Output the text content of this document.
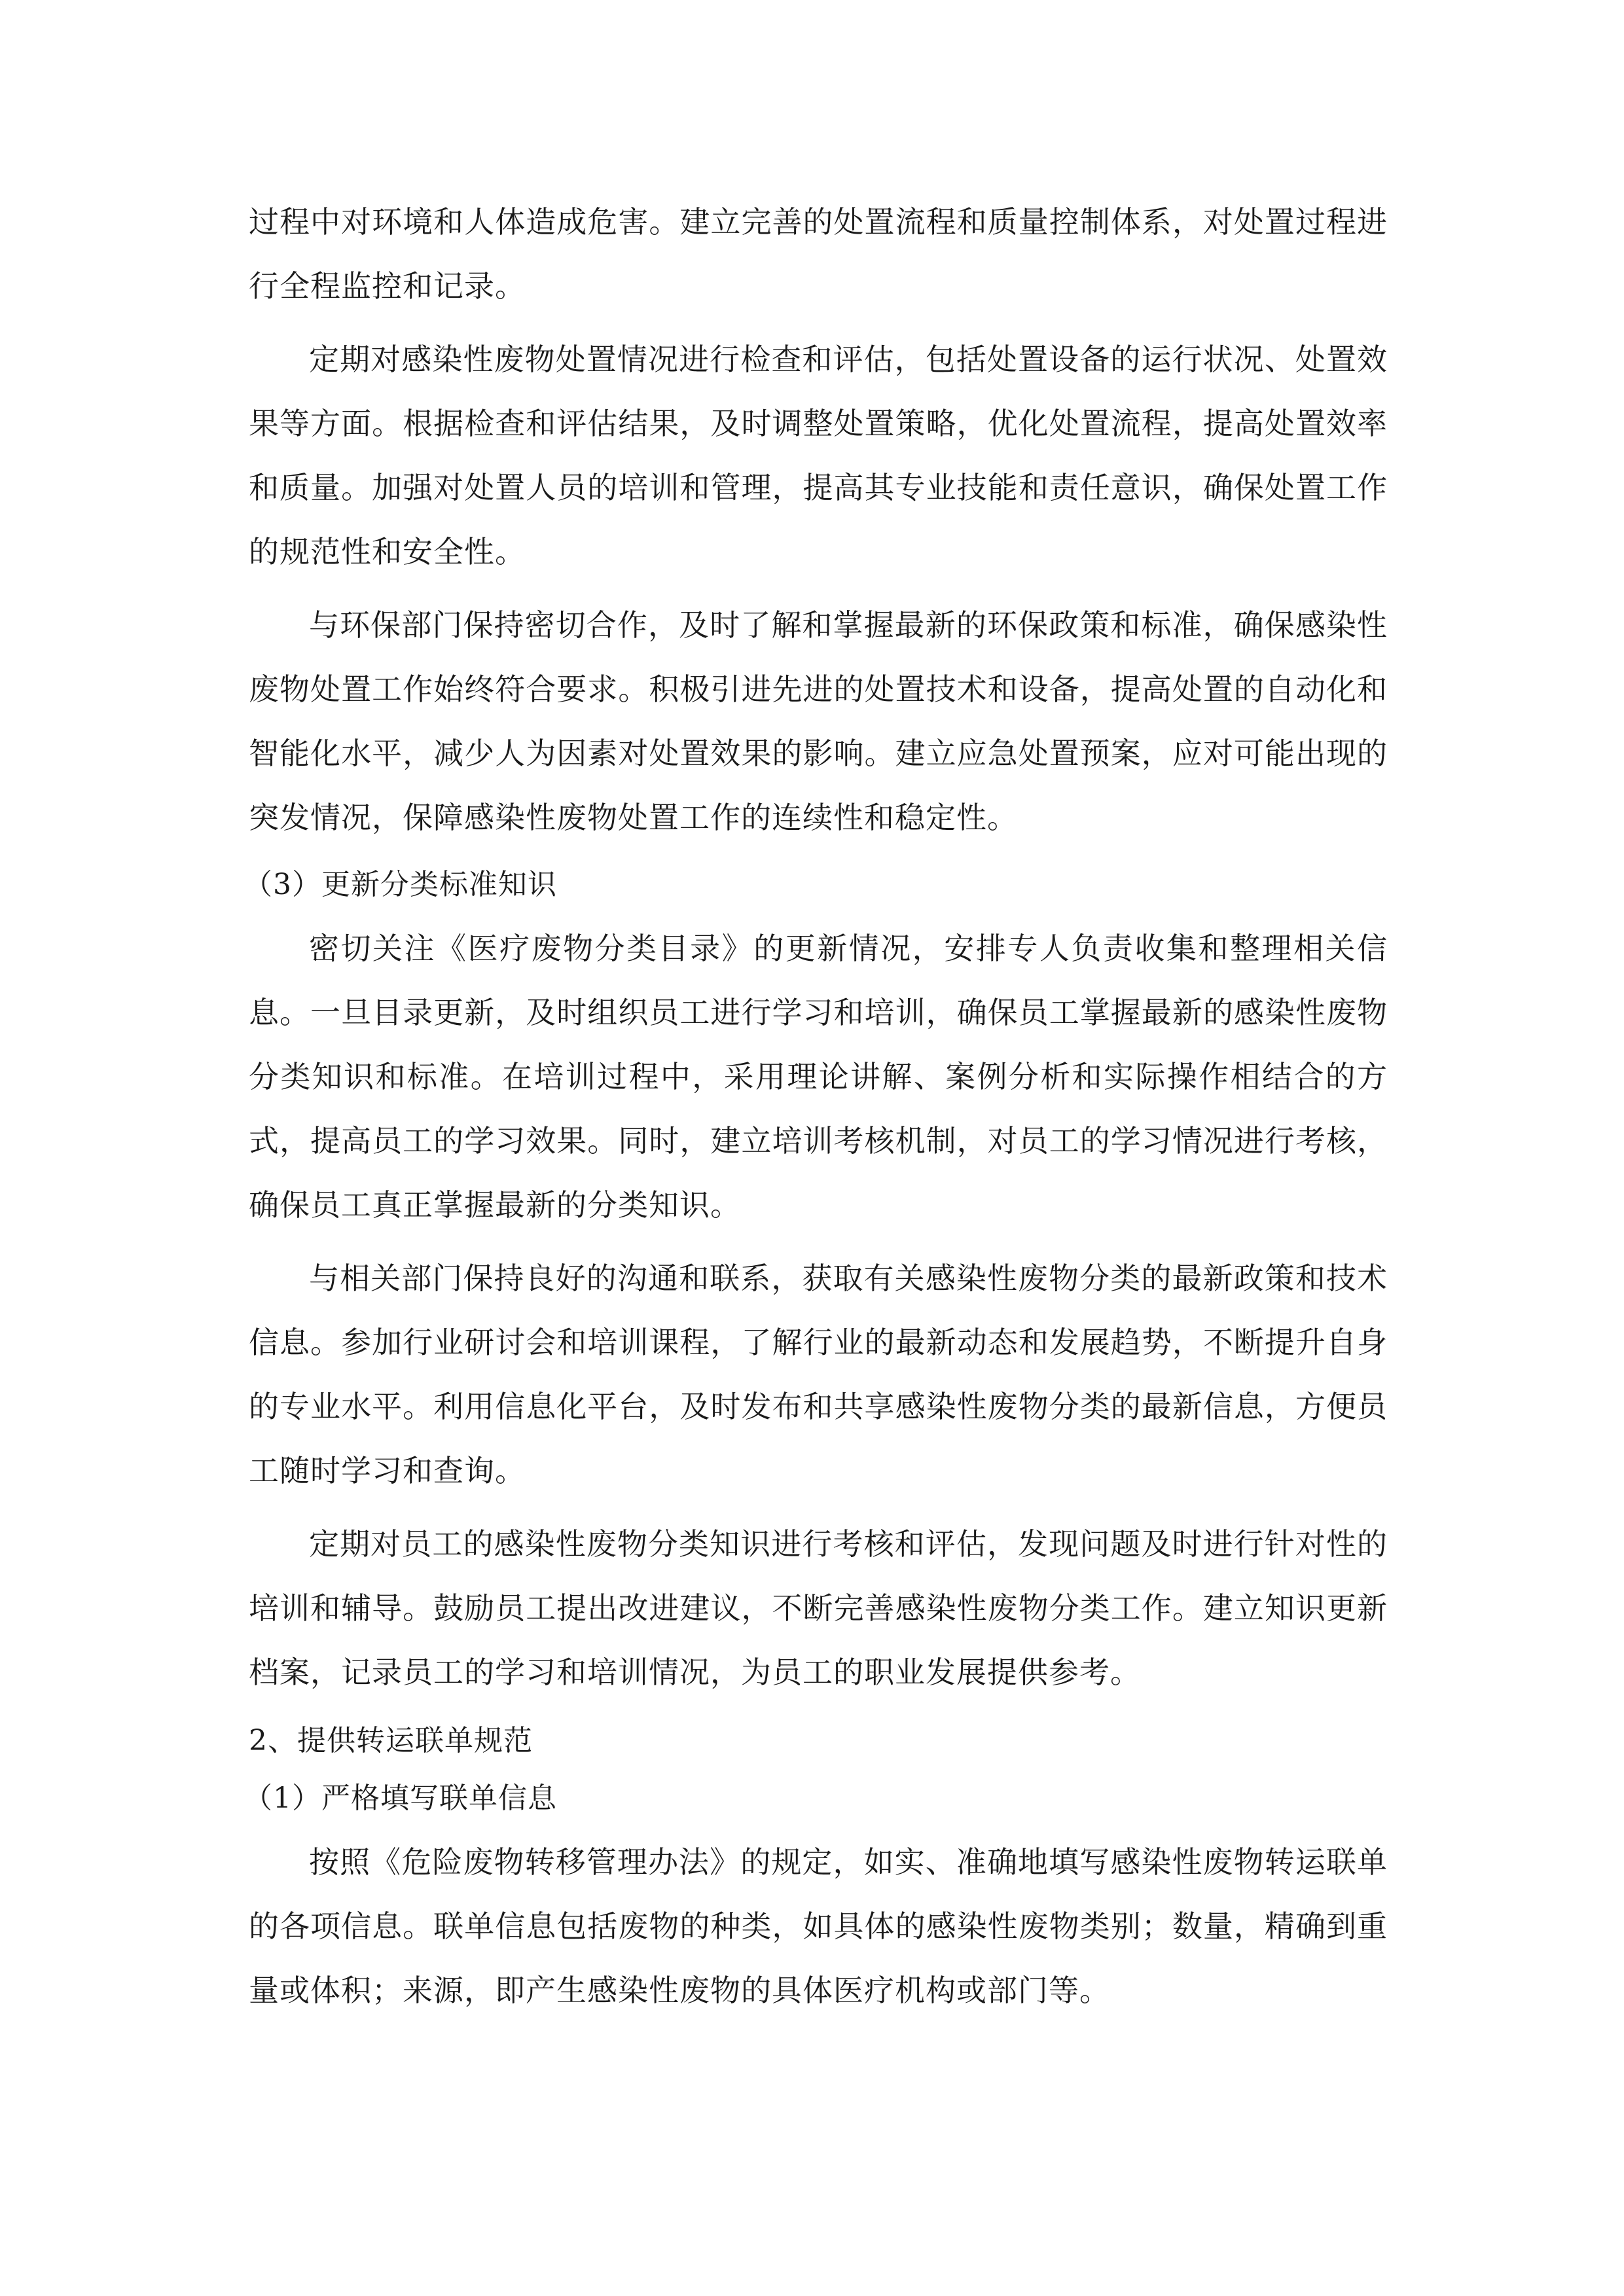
过程中对环境和人体造成危害。建立完善的处置流程和质量控制体系，对处置过程进行全程监控和记录。

定期对感染性废物处置情况进行检查和评估，包括处置设备的运行状况、处置效果等方面。根据检查和评估结果，及时调整处置策略，优化处置流程，提高处置效率和质量。加强对处置人员的培训和管理，提高其专业技能和责任意识，确保处置工作的规范性和安全性。

与环保部门保持密切合作，及时了解和掌握最新的环保政策和标准，确保感染性废物处置工作始终符合要求。积极引进先进的处置技术和设备，提高处置的自动化和智能化水平，减少人为因素对处置效果的影响。建立应急处置预案，应对可能出现的突发情况，保障感染性废物处置工作的连续性和稳定性。

（3）更新分类标准知识

密切关注《医疗废物分类目录》的更新情况，安排专人负责收集和整理相关信息。一旦目录更新，及时组织员工进行学习和培训，确保员工掌握最新的感染性废物分类知识和标准。在培训过程中，采用理论讲解、案例分析和实际操作相结合的方式，提高员工的学习效果。同时，建立培训考核机制，对员工的学习情况进行考核，确保员工真正掌握最新的分类知识。

与相关部门保持良好的沟通和联系，获取有关感染性废物分类的最新政策和技术信息。参加行业研讨会和培训课程，了解行业的最新动态和发展趋势，不断提升自身的专业水平。利用信息化平台，及时发布和共享感染性废物分类的最新信息，方便员工随时学习和查询。

定期对员工的感染性废物分类知识进行考核和评估，发现问题及时进行针对性的培训和辅导。鼓励员工提出改进建议，不断完善感染性废物分类工作。建立知识更新档案，记录员工的学习和培训情况，为员工的职业发展提供参考。

2、提供转运联单规范
（1）严格填写联单信息

按照《危险废物转移管理办法》的规定，如实、准确地填写感染性废物转运联单的各项信息。联单信息包括废物的种类，如具体的感染性废物类别；数量，精确到重量或体积；来源，即产生感染性废物的具体医疗机构或部门等。
